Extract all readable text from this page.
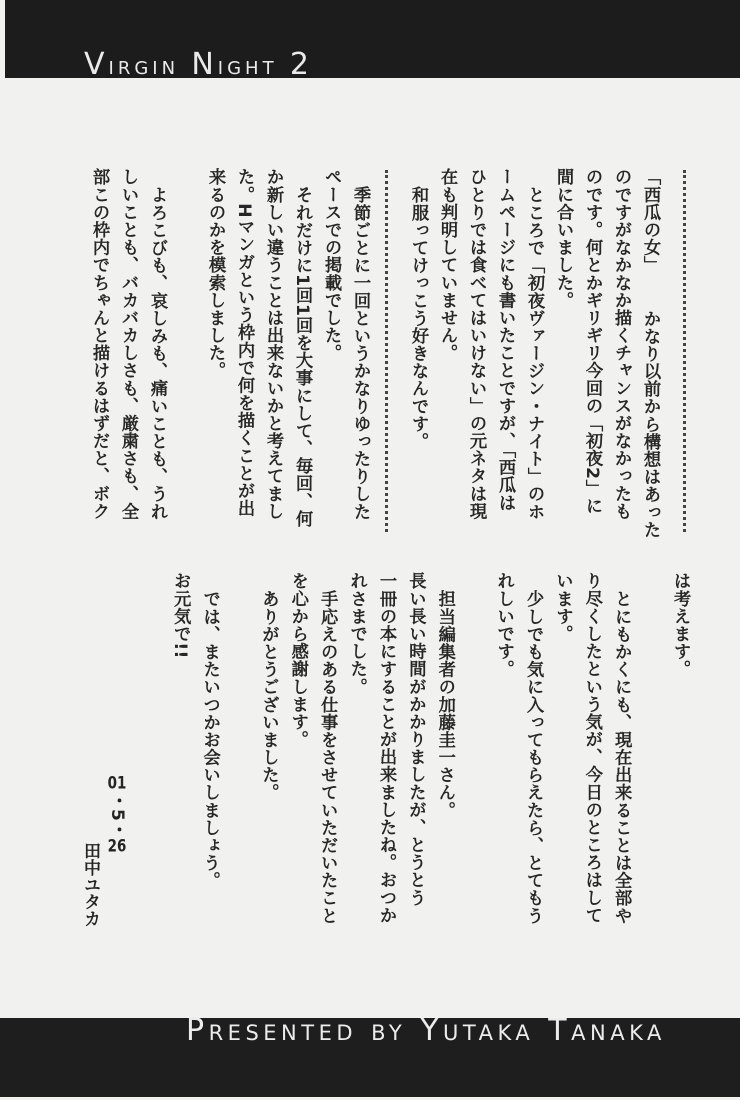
Virgin Night 2
「西瓜の女」かなり以前から構想はあった
のですがなかなか描くチャンスがなかったも
のです。何とかギリギリ今回の「初夜2」に
間に合いました。
ところで「初夜ヴァージン・ナイト」のホ
ームページにも書いたことですが、「西瓜は
ひとりでは食べてはいけない」の元ネタは現
在も判明していません。
和服ってけっこう好きなんです。
季節ごとに一回というかなりゆったりした
ペースでの掲載でした。
それだけに1回1回を大事にして、毎回、何
か新しい違うことは出来ないかと考えてまし
た。Hマンガという枠内で何を描くことが出
来るのかを模索しました。
よろこびも、哀しみも、痛いことも、うれ
しいことも、バカバカしさも、厳粛さも、全
部この枠内でちゃんと描けるはずだと、ボク
は考えます。
とにもかくにも、現在出来ることは全部や
り尽くしたという気が、今日のところはして
います。
少しでも気に入ってもらえたら、とてもう
れしいです。
担当編集者の加藤圭一さん。
長い長い時間がかかりましたが、とうとう
一冊の本にすることが出来ましたね。おつか
れさまでした。
手応えのある仕事をさせていただいたこと
を心から感謝します。
ありがとうございました。
では、またいつかお会いしましょう。
お元気で!!
01・5・26
田中ユタカ
Presented by Yutaka Tanaka
